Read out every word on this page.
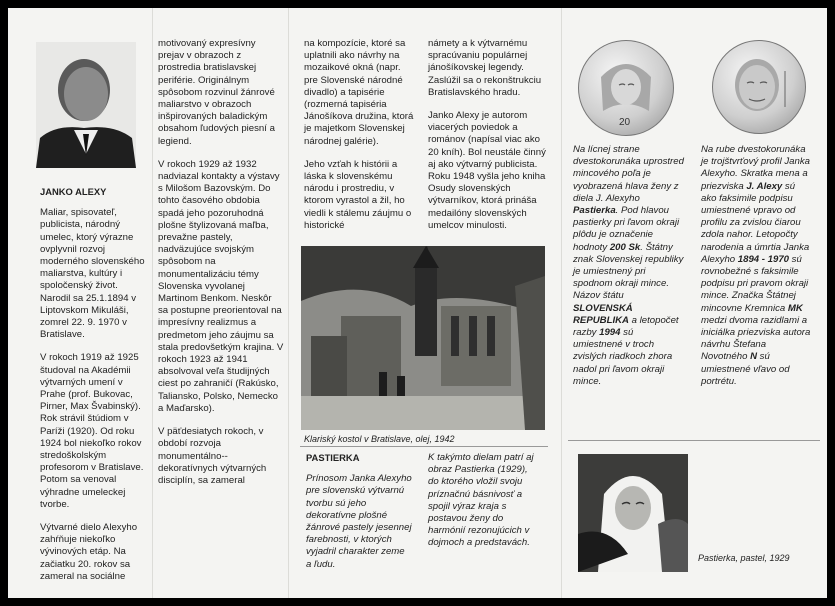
JANKO ALEXY

Maliar, spisovateľ, publicista, národný umelec, ktorý výrazne ovplyvnil rozvoj moderného slovenského maliarstva, kultúry i spoločenský život. Narodil sa 25.1.1894 v Liptovskom Mikuláši, zomrel 22. 9. 1970 v Bratislave.

V rokoch 1919 až 1925 študoval na Akadémii výtvarných umení v Prahe (prof. Bukovac, Pirner, Max Švabinský). Rok strávil štúdiom v Paríži (1920). Od roku 1924 bol niekoľko rokov stredoškolským profesorom v Bratislave. Potom sa venoval výhradne umeleckej tvorbe.

Výtvarné dielo Alexyho zahŕňuje niekoľko vývinových etáp. Na začiatku 20. rokov sa zameral na sociálne

motivovaný expresívny prejav v obrazoch z prostredia bratislavskej periférie. Originálnym spôsobom rozvinul žánrové maliarstvo v obrazoch inšpirovaných baladickým obsahom ľudových piesní a legiend.

V rokoch 1929 až 1932 nadviazal kontakty a výstavy s Milošom Bazovským. Do tohto časového obdobia spadá jeho pozoruhodná plošne štylizovaná maľba, prevažne pastely, nadväzujúce svojským spôsobom na monumentalizáciu témy Slovenska vyvolanej Martinom Benkom. Neskôr sa postupne preorientoval na impresívny realizmus a predmetom jeho záujmu sa stala predovšetkým krajina. V rokoch 1923 až 1941 absolvoval veľa študijných ciest po zahraničí (Rakúsko, Taliansko, Polsko, Nemecko a Maďarsko).

V päťdesiatych rokoch, v období rozvoja monumentálno--dekoratívnych výtvarných disciplín, sa zameral

na kompozície, ktoré sa uplatnili ako návrhy na mozaikové okná (napr. pre Slovenské národné divadlo) a tapisérie (rozmerná tapiséria Jánošíkova družina, ktorá je majetkom Slovenskej národnej galérie).

Jeho vzťah k histórii a láska k slovenskému národu i prostrediu, v ktorom vyrastol a žil, ho viedli k stálemu záujmu o historické

námety a k výtvarnému spracúvaniu populárnej jánošíkovskej legendy. Zaslúžil sa o rekonštrukciu Bratislavského hradu.

Janko Alexy je autorom viacerých poviedok a románov (napísal viac ako 20 kníh). Bol neustále činný aj ako výtvarný publicista. Roku 1948 vyšla jeho kniha Osudy slovenských výtvarníkov, ktorá prináša medailóny slovenských umelcov minulosti.

Klariský kostol v Bratislave, olej, 1942
PASTIERKA

Prínosom Janka Alexyho pre slovenskú výtvarnú tvorbu sú jeho dekoratívne plošné žánrové pastely jesennej farebnosti, v ktorých vyjadril charakter zeme a ľudu.

K takýmto dielam patrí aj obraz Pastierka (1929), do ktorého vložil svoju príznačnú básnivosť a spojil výraz kraja s postavou ženy do harmónií rezonujúcich v dojmoch a predstavách.

20
Na lícnej strane dvestokorunáka uprostred mincového poľa je vyobrazená hlava ženy z diela J. Alexyho Pastierka. Pod hlavou pastierky pri ľavom okraji plôdu je označenie hodnoty 200 Sk. Štátny znak Slovenskej republiky je umiestnený pri spodnom okraji mince. Názov štátu SLOVENSKÁ REPUBLIKA a letopočet razby 1994 sú umiestnené v troch zvislých riadkoch zhora nadol pri ľavom okraji mince.
Na rube dvestokorunáka je trojštvrťový profil Janka Alexyho. Skratka mena a priezviska J. Alexy sú ako faksimile podpisu umiestnené vpravo od profilu za zvislou čiarou zdola nahor. Letopočty narodenia a úmrtia Janka Alexyho 1894 - 1970 sú rovnobežné s faksimile podpisu pri pravom okraji mince. Značka Štátnej mincovne Kremnica MK medzi dvoma razidlami a iniciálka priezviska autora návrhu Štefana Novotného N sú umiestnené vľavo od portrétu.
Pastierka, pastel, 1929
